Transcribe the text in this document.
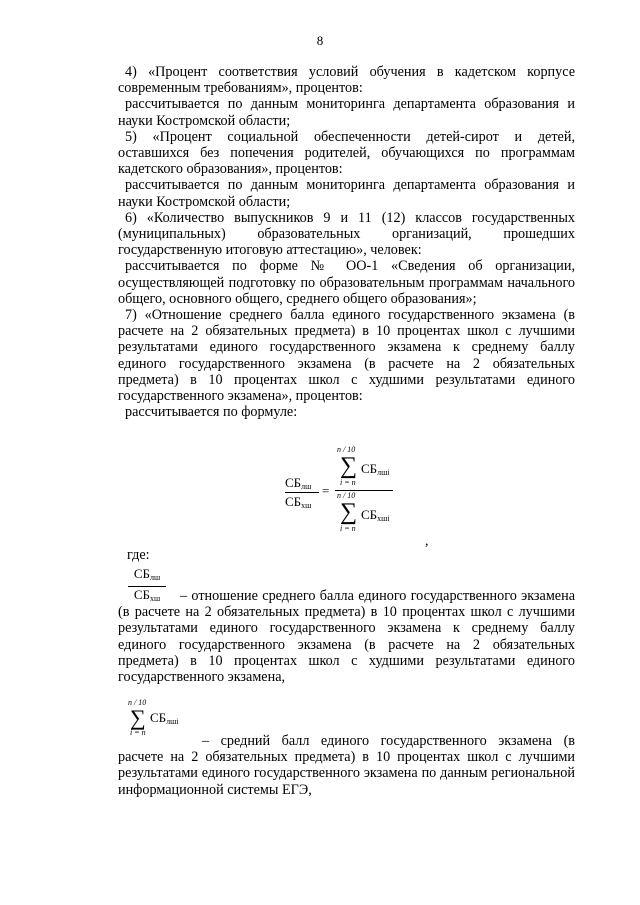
8

4) «Процент соответствия условий обучения в кадетском корпусе современным требованиям», процентов:

рассчитывается по данным мониторинга департамента образования и науки Костромской области;

5) «Процент социальной обеспеченности детей-сирот и детей, оставшихся без попечения родителей, обучающихся по программам кадетского образования», процентов:

рассчитывается по данным мониторинга департамента образования и науки Костромской области;

6) «Количество выпускников 9 и 11 (12) классов государственных (муниципальных) образовательных организаций, прошедших государственную итоговую аттестацию», человек:

рассчитывается по форме № ОО-1 «Сведения об организации, осуществляющей подготовку по образовательным программам начального общего, основного общего, среднего общего образования»;

7) «Отношение среднего балла единого государственного экзамена (в расчете на 2 обязательных предмета) в 10 процентах школ с лучшими результатами единого государственного экзамена к среднему баллу единого государственного экзамена (в расчете на 2 обязательных предмета) в 10 процентах школ с худшими результатами единого государственного экзамена», процентов:

рассчитывается по формуле:

$СБ_{лш}$
$СБ_{хш}$
=
n / 10
∑
i = n
$СБ_{лшi}$
n / 10
∑
i = n
$СБ_{хшi}$
,
где:
$СБ_{лш}$
$СБ_{хш}$	– отношение среднего балла единого государственного экзамена (в расчете на 2 обязательных предмета) в 10 процентах школ с лучшими результатами единого государственного экзамена к среднему баллу единого государственного экзамена (в расчете на 2 обязательных предмета) в 10 процентах школ с худшими результатами единого государственного экзамена,

n / 10
∑
i = n
$СБ_{лшi}$

– средний балл единого государственного экзамена (в расчете на 2 обязательных предмета) в 10 процентах школ с лучшими результатами единого государственного экзамена по данным региональной информационной системы ЕГЭ,
